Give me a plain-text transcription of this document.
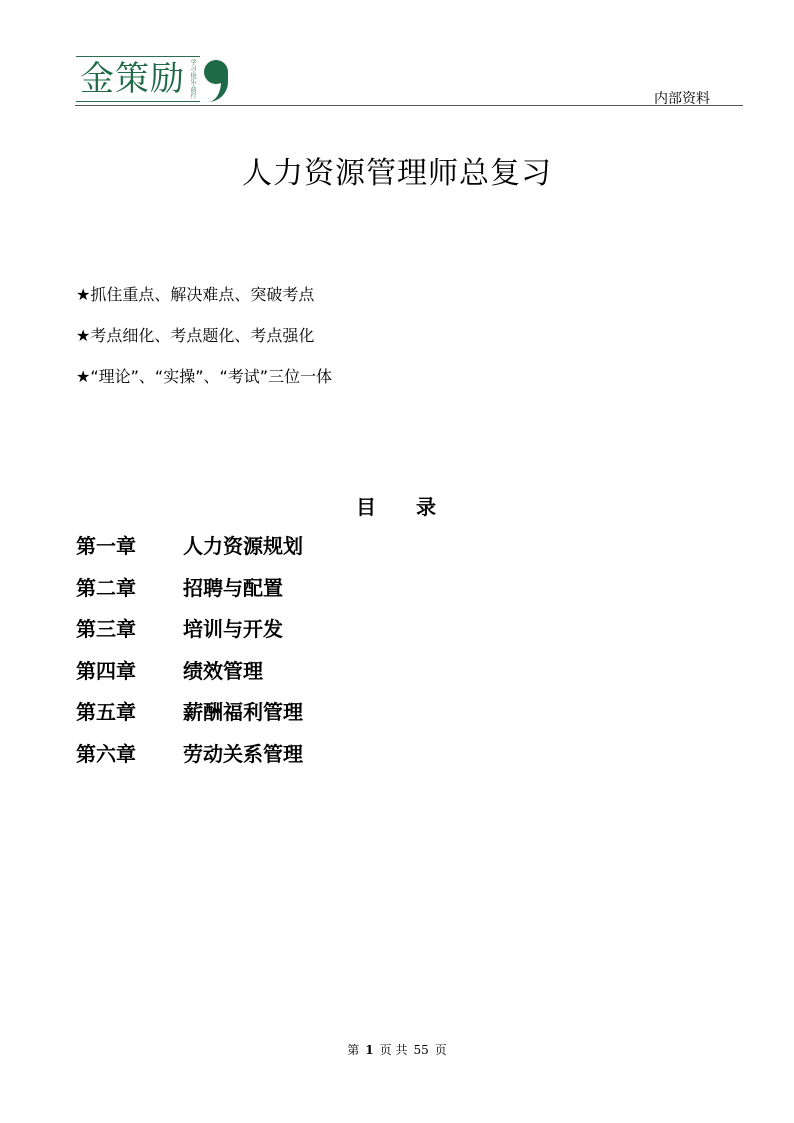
金策励 学习·快乐·前行
内部资料
人力资源管理师总复习
★抓住重点、解决难点、突破考点
★考点细化、考点题化、考点强化
★“理论”、“实操”、“考试”三位一体
目 录
第一章	人力资源规划
第二章	招聘与配置
第三章	培训与开发
第四章	绩效管理
第五章	薪酬福利管理
第六章	劳动关系管理
第 1 页 共 55 页
